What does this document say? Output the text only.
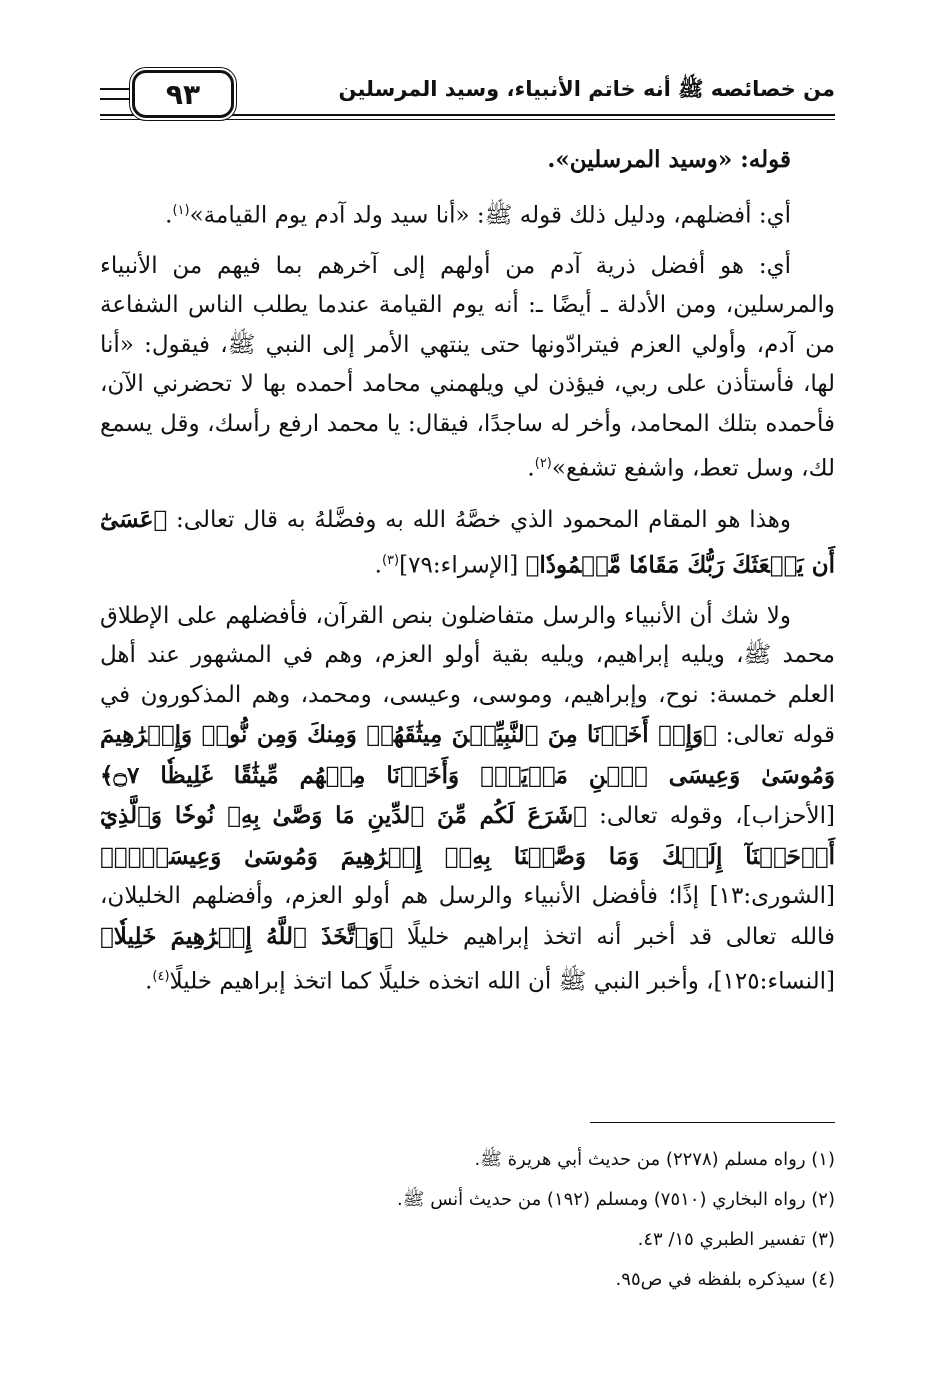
من خصائصه ﷺ أنه خاتم الأنبياء، وسيد المرسلين
٩٣

قوله: «وسيد المرسلين».

أي: أفضلهم، ودليل ذلك قوله ﷺ: «أنا سيد ولد آدم يوم القيامة»$^{(١)}$.

أي: هو أفضل ذرية آدم من أولهم إلى آخرهم بما فيهم من الأنبياء والمرسلين، ومن الأدلة ـ أيضًا ـ: أنه يوم القيامة عندما يطلب الناس الشفاعة من آدم، وأولي العزم فيترادّونها حتى ينتهي الأمر إلى النبي ﷺ، فيقول: «أنا لها، فأستأذن على ربي، فيؤذن لي ويلهمني محامد أحمده بها لا تحضرني الآن، فأحمده بتلك المحامد، وأخر له ساجدًا، فيقال: يا محمد ارفع رأسك، وقل يسمع لك، وسل تعط، واشفع تشفع»$^{(٢)}$.

وهذا هو المقام المحمود الذي خصَّهُ الله به وفضَّلهُ به قال تعالى: ﴿عَسَىٰٓ أَن يَبۡعَثَكَ رَبُّكَ مَقَامٗا مَّحۡمُودٗا﴾ [الإسراء:٧٩]$^{(٣)}$.

ولا شك أن الأنبياء والرسل متفاضلون بنص القرآن، فأفضلهم على الإطلاق محمد ﷺ، ويليه إبراهيم، ويليه بقية أولو العزم، وهم في المشهور عند أهل العلم خمسة: نوح، وإبراهيم، وموسى، وعيسى، ومحمد، وهم المذكورون في قوله تعالى: ﴿وَإِذۡ أَخَذۡنَا مِنَ ٱلنَّبِيِّـۧنَ مِيثَٰقَهُمۡ وَمِنكَ وَمِن نُّوحٖ وَإِبۡرَٰهِيمَ وَمُوسَىٰ وَعِيسَى ٱبۡنِ مَرۡيَمَۖ وَأَخَذۡنَا مِنۡهُم مِّيثَٰقًا غَلِيظٗا ۝٧﴾ [الأحزاب]، وقوله تعالى: ﴿شَرَعَ لَكُم مِّنَ ٱلدِّينِ مَا وَصَّىٰ بِهِۦ نُوحٗا وَٱلَّذِيٓ أَوۡحَيۡنَآ إِلَيۡكَ وَمَا وَصَّيۡنَا بِهِۦٓ إِبۡرَٰهِيمَ وَمُوسَىٰ وَعِيسَىٰٓۖ﴾ [الشورى:١٣] إذًا؛ فأفضل الأنبياء والرسل هم أولو العزم، وأفضلهم الخليلان، فالله تعالى قد أخبر أنه اتخذ إبراهيم خليلًا ﴿وَٱتَّخَذَ ٱللَّهُ إِبۡرَٰهِيمَ خَلِيلٗا﴾ [النساء:١٢٥]، وأخبر النبي ﷺ أن الله اتخذه خليلًا كما اتخذ إبراهيم خليلًا$^{(٤)}$.

(١) رواه مسلم (٢٢٧٨) من حديث أبي هريرة ﷺ.

(٢) رواه البخاري (٧٥١٠) ومسلم (١٩٢) من حديث أنس ﷺ.

(٣) تفسير الطبري ١٥/ ٤٣.

(٤) سيذكره بلفظه في ص٩٥.
